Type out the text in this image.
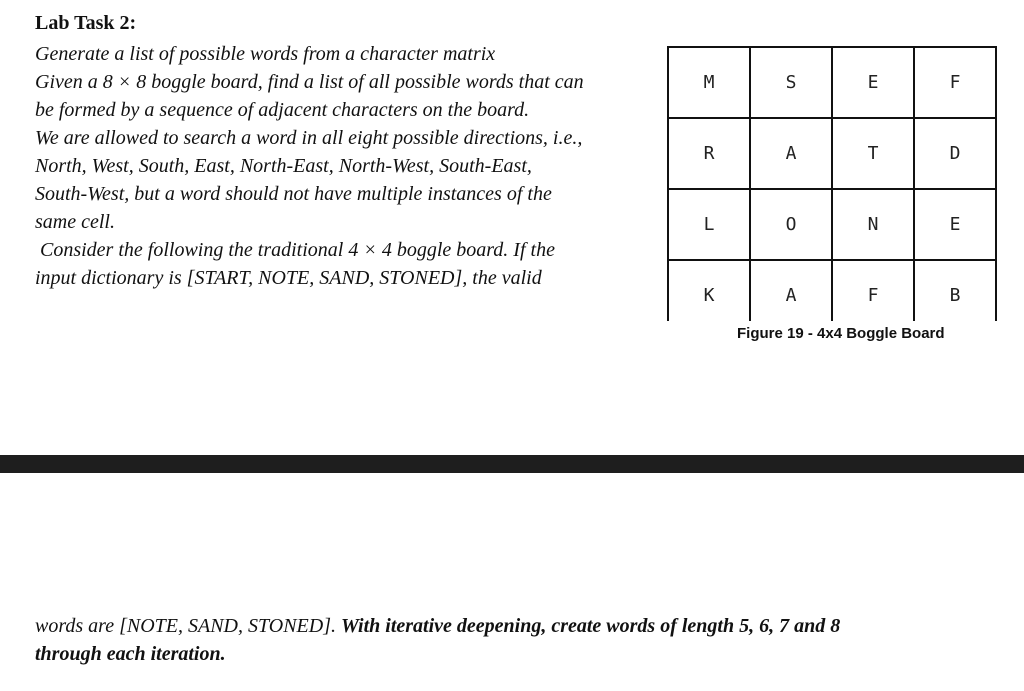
Lab Task 2:

Generate a list of possible words from a character matrix
Given a 8 × 8 boggle board, find a list of all possible words that can
be formed by a sequence of adjacent characters on the board.
We are allowed to search a word in all eight possible directions, i.e.,
North, West, South, East, North-East, North-West, South-East,
South-West, but a word should not have multiple instances of the
same cell.
Consider the following the traditional 4 × 4 boggle board. If the
input dictionary is [START, NOTE, SAND, STONED], the valid

M	S	E	F
R	A	T	D
L	O	N	E
K	A	F	B

Figure 19 - 4x4 Boggle Board

words are [NOTE, SAND, STONED]. With iterative deepening, create words of length 5, 6, 7 and 8
through each iteration.
